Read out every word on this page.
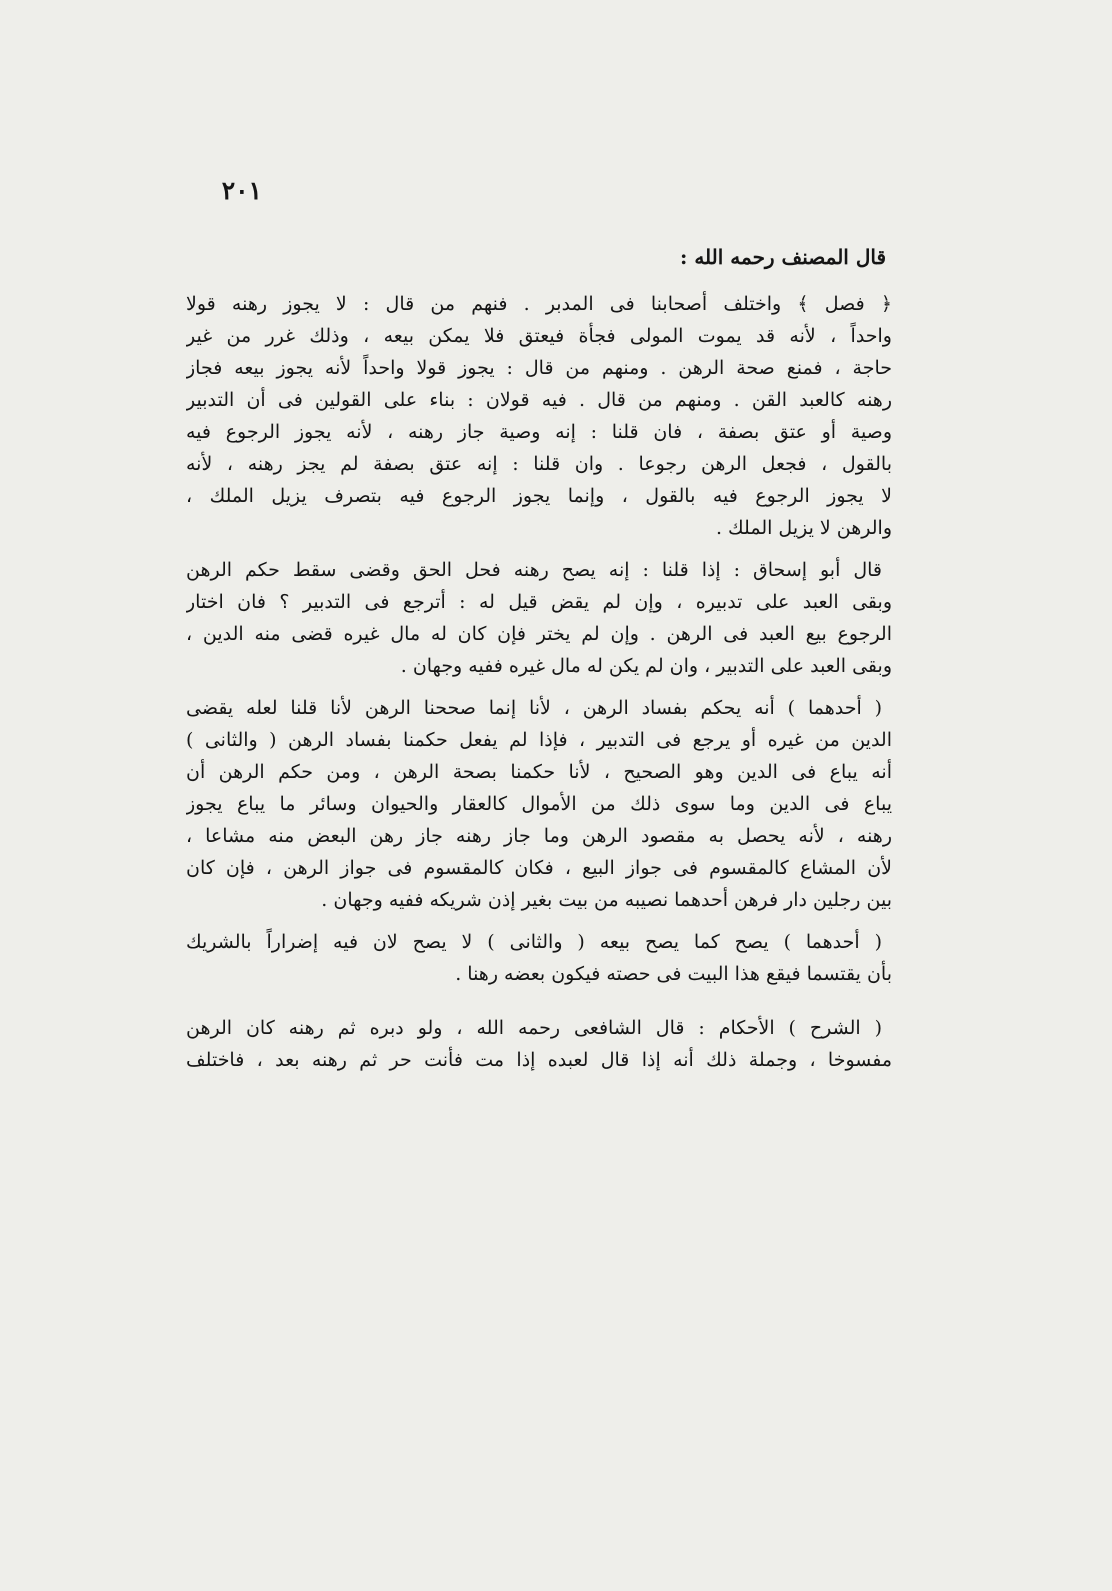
٢٠١
قال المصنف رحمه الله :
﴿ فصل ﴾ واختلف أصحابنا فى المدبر . فنهم من قال : لا يجوز رهنه قولا
واحداً ، لأنه قد يموت المولى فجأة فيعتق فلا يمكن بيعه ، وذلك غرر من غير
حاجة ، فمنع صحة الرهن . ومنهم من قال : يجوز قولا واحداً لأنه يجوز بيعه فجاز
رهنه كالعبد القن . ومنهم من قال . فيه قولان : بناء على القولين فى أن التدبير
وصية أو عتق بصفة ، فان قلنا : إنه وصية جاز رهنه ، لأنه يجوز الرجوع فيه
بالقول ، فجعل الرهن رجوعا . وان قلنا : إنه عتق بصفة لم يجز رهنه ، لأنه
لا يجوز الرجوع فيه بالقول ، وإنما يجوز الرجوع فيه بتصرف يزيل الملك ،
والرهن لا يزيل الملك .
قال أبو إسحاق : إذا قلنا : إنه يصح رهنه فحل الحق وقضى سقط حكم الرهن
وبقى العبد على تدبيره ، وإن لم يقض قيل له : أترجع فى التدبير ؟ فان اختار
الرجوع بيع العبد فى الرهن . وإن لم يختر فإن كان له مال غيره قضى منه الدين ،
وبقى العبد على التدبير ، وان لم يكن له مال غيره ففيه وجهان .
( أحدهما ) أنه يحكم بفساد الرهن ، لأنا إنما صححنا الرهن لأنا قلنا لعله يقضى
الدين من غيره أو يرجع فى التدبير ، فإذا لم يفعل حكمنا بفساد الرهن ( والثانى )
أنه يباع فى الدين وهو الصحيح ، لأنا حكمنا بصحة الرهن ، ومن حكم الرهن أن
يباع فى الدين وما سوى ذلك من الأموال كالعقار والحيوان وسائر ما يباع يجوز
رهنه ، لأنه يحصل به مقصود الرهن وما جاز رهنه جاز رهن البعض منه مشاعا ،
لأن المشاع كالمقسوم فى جواز البيع ، فكان كالمقسوم فى جواز الرهن ، فإن كان
بين رجلين دار فرهن أحدهما نصيبه من بيت بغير إذن شريكه ففيه وجهان .
( أحدهما ) يصح كما يصح بيعه ( والثانى ) لا يصح لان فيه إضراراً بالشريك
بأن يقتسما فيقع هذا البيت فى حصته فيكون بعضه رهنا .
( الشرح ) الأحكام : قال الشافعى رحمه الله ، ولو دبره ثم رهنه كان الرهن
مفسوخا ، وجملة ذلك أنه إذا قال لعبده إذا مت فأنت حر ثم رهنه بعد ، فاختلف
